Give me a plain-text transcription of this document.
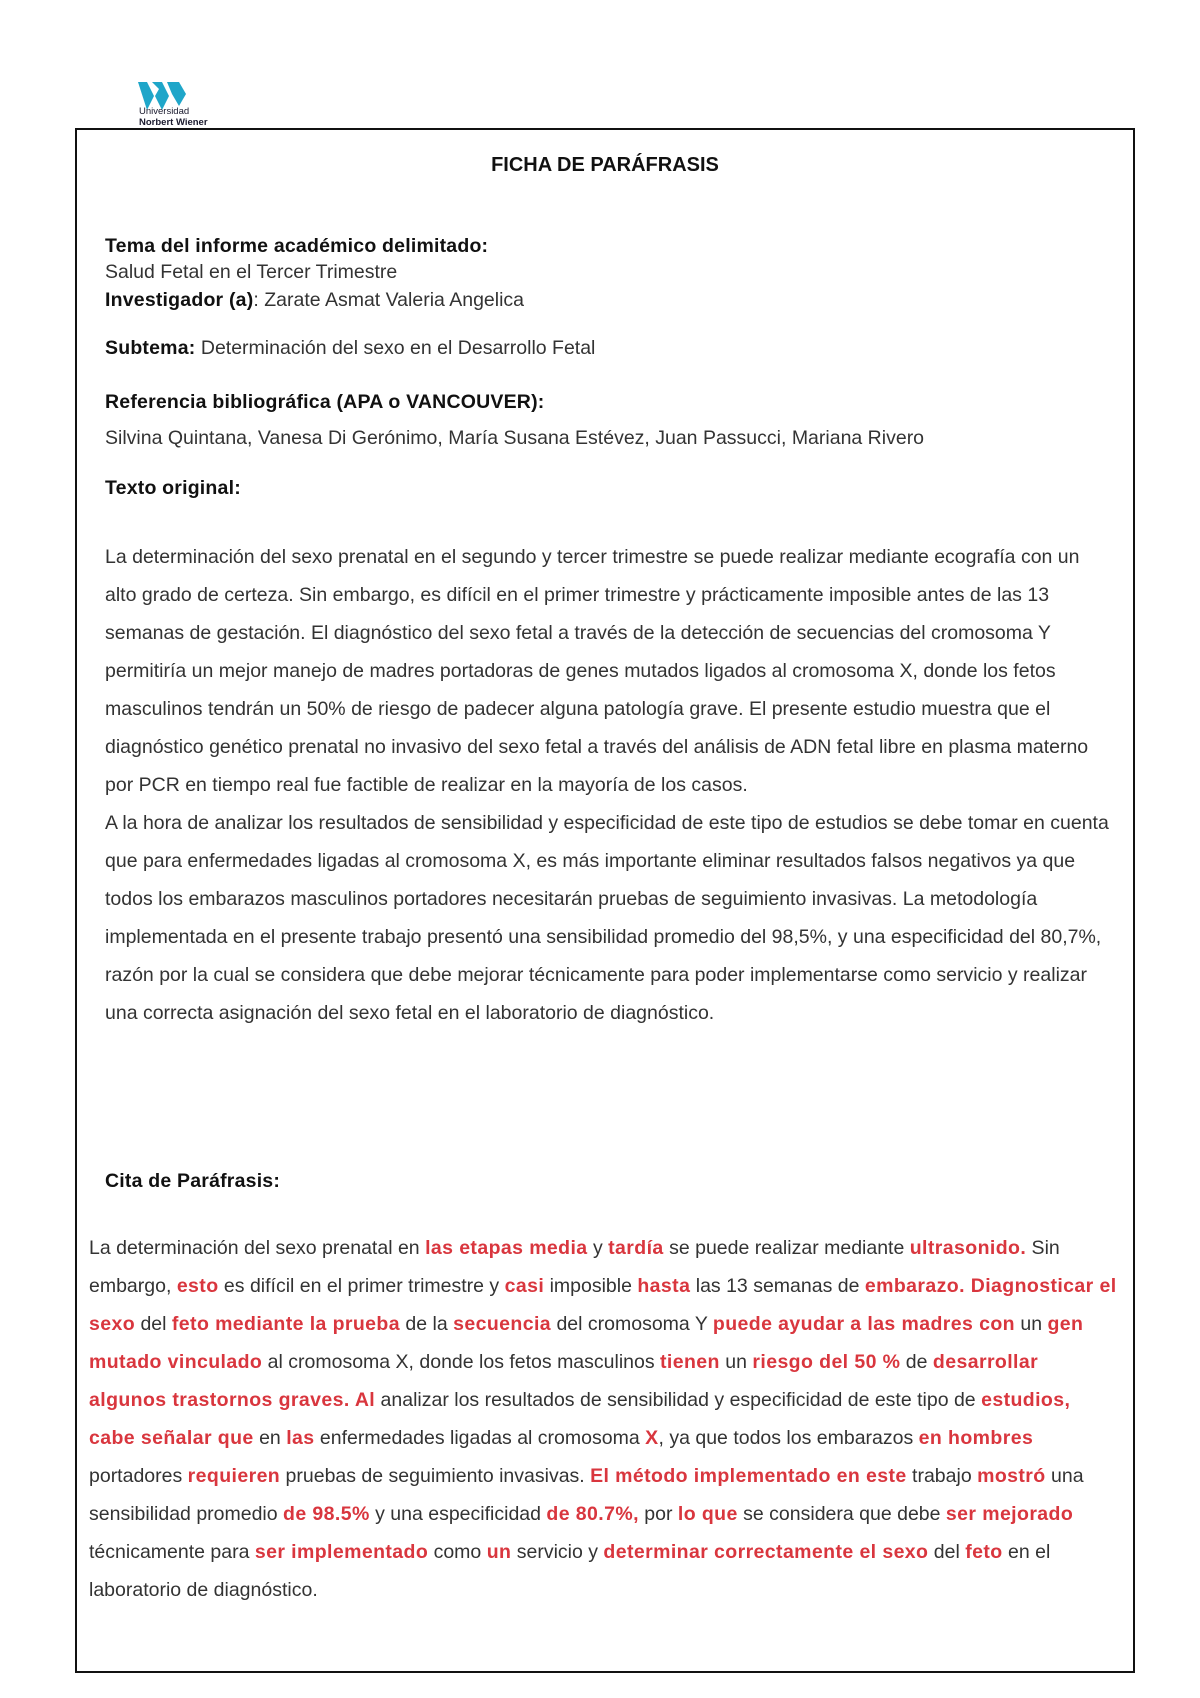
Universidad
Norbert Wiener
FICHA DE PARÁFRASIS
Tema del informe académico delimitado:
Salud Fetal en el Tercer Trimestre
Investigador (a): Zarate Asmat Valeria Angelica
Subtema: Determinación del sexo en el Desarrollo Fetal
Referencia bibliográfica (APA o VANCOUVER):
Silvina Quintana, Vanesa Di Gerónimo, María Susana Estévez, Juan Passucci, Mariana Rivero
Texto original:

La determinación del sexo prenatal en el segundo y tercer trimestre se puede realizar mediante ecografía con un alto grado de certeza. Sin embargo, es difícil en el primer trimestre y prácticamente imposible antes de las 13 semanas de gestación. El diagnóstico del sexo fetal a través de la detección de secuencias del cromosoma Y permitiría un mejor manejo de madres portadoras de genes mutados ligados al cromosoma X, donde los fetos masculinos tendrán un 50% de riesgo de padecer alguna patología grave. El presente estudio muestra que el diagnóstico genético prenatal no invasivo del sexo fetal a través del análisis de ADN fetal libre en plasma materno por PCR en tiempo real fue factible de realizar en la mayoría de los casos.

A la hora de analizar los resultados de sensibilidad y especificidad de este tipo de estudios se debe tomar en cuenta que para enfermedades ligadas al cromosoma X, es más importante eliminar resultados falsos negativos ya que todos los embarazos masculinos portadores necesitarán pruebas de seguimiento invasivas. La metodología implementada en el presente trabajo presentó una sensibilidad promedio del 98,5%, y una especificidad del 80,7%, razón por la cual se considera que debe mejorar técnicamente para poder implementarse como servicio y realizar una correcta asignación del sexo fetal en el laboratorio de diagnóstico.

Cita de Paráfrasis:
La determinación del sexo prenatal en las etapas media y tardía se puede realizar mediante ultrasonido. Sin embargo, esto es difícil en el primer trimestre y casi imposible hasta las 13 semanas de embarazo. Diagnosticar el sexo del feto mediante la prueba de la secuencia del cromosoma Y puede ayudar a las madres con un gen mutado vinculado al cromosoma X, donde los fetos masculinos tienen un riesgo del 50 % de desarrollar algunos trastornos graves. Al analizar los resultados de sensibilidad y especificidad de este tipo de estudios, cabe señalar que en las enfermedades ligadas al cromosoma X, ya que todos los embarazos en hombres portadores requieren pruebas de seguimiento invasivas. El método implementado en este trabajo mostró una sensibilidad promedio de 98.5% y una especificidad de 80.7%, por lo que se considera que debe ser mejorado técnicamente para ser implementado como un servicio y determinar correctamente el sexo del feto en el laboratorio de diagnóstico.
